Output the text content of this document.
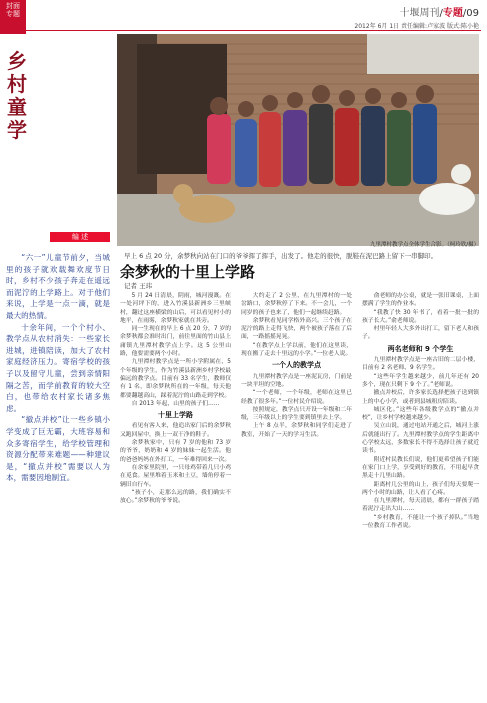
封面
专题	十堰周刊/专题/09
2012年 6月 1日 责任编辑:卢家波 版式:陈小艳
乡
村
童
学
编 述

“六一”儿童节前夕，当城里的孩子就欢载舞欢度节日时，乡村不少孩子奔走在遥远而泥泞的上学路上。对于他们来说，上学是一点一滴，就是最大的热情。

十余年间，一个个村小、教学点从农村消失：一些家长进城，进镇陪读，加大了农村家庭经济压力。寄宿学校的孩子以及留守儿童，尝到亲情阳隔之苦，而学前教育的较大空白，也带给农村家长诸多焦虑。

“撤点并校”让一些乡镇小学变成了巨无霸，大班容易和众多寄宿学生，给学校管理和资源分配带来难题——种建议是，“撤点并校”需要以人为本，需要因地制宜。

九里潭村教学点全体学生合影。（柯玲欣/摄）
早上 6 点 20 分，余梦秋向站在门口的爷爷挥了挥手，出发了。他走的很快，脱鞋在泥巴路上留下一串脚印。
余梦秋的十里上学路
记者 王玮

5 月 24 日清晨，阴雨，城河漫溉。在一处河坪下的，进入竹溪县新洲乡三里峡村，翻过这座横梁的山后，可以看见村小的地平，在雨雾，余梦秋家就在其旁。

同一生现在的早上 6 点 20 分，7 岁的余梦秋都会准时出门，前往里面的竹山县上庸镇九里潭村教学点上学。这 5 公里山路，他要需要两个小时。

九里潭村教学点是一所小学附属在，5 个年级的学生，作为竹溪县新洲乡村学校最偏远的教学点。目前有 33 名学生，教师仅有 1 名，即余梦秋所在的一年级，每天他都要翻越高山，踩着泥泞的山路走到学校。

自 2013 年起，山里的孩子们……

十里上学路

看见有客人来，他追出家门后的余梦秋又跑回屋中，换上一双干净的鞋子。

余梦秋家中，只有 7 岁的他和 73 岁的爷爷，奶奶和 4 岁的妹妹一起生活。他的爸爸妈妈在外打工，一年难得回来一次。

在余家里院里，一只母鸡带着几只小鸡在觅食。屋里堆着玉米和土豆，墙角停着一辆旧自行车。

“孩子小，走那么远的路，我们确实不放心。”余梦秋的爷爷说。

大约走了 2 公里，在九里潭村的一处岔路口，余梦秋停了下来。不一会儿，一个同岁的孩子也来了，他们一起继续赶路。

余梦秋看见同学格外高兴。三个孩子在泥泞的路上走得飞快，两个被孩子落在了后面，一路摇摇晃晃。

“在教学点上学以前，他们在这里读，现在搬了走去十里远的小学。”一位老人说。

一个人的教学点

九里潭村教学点是一座泥瓦房，门前是一块平坦的空地。

“一个老师，一个年级，老师在这里已经教了很多年。”一位村民介绍说。

按照规定，教学点只开设一年级和二年级，三年级以上的学生要到镇里去上学。

上午 8 点半，余梦秋和同学们走进了教室，开始了一天的学习生活。

俞老师的办公桌，就是一张旧课桌，上面摆满了学生的作业本。

“我教了快 30 年书了，看着一批一批的孩子长大。”俞老师说。

村里年轻人大多外出打工，留下老人和孩子。

两名老师和 9 个学生

九里潭村教学点是一座古旧的二层小楼，目前有 2 名老师、9 名学生。

“这些年学生越来越少，前几年还有 20 多个，现在只剩下 9 个了。”老师说。

撤点并校后，许多家长选择把孩子送到镇上的中心小学，或者到县城租房陪读。

城区化。”这些年各级教学点的“撤点并校”，让乡村学校越来越少。

吴立山说，通过电站开通之后，城河上涨后就能出行了。九里潭村教学点的学生距离中心学校太远，多数家长不得不选择让孩子就近读书。

附近村民教长们说，他们更希望孩子们能在家门口上学，享受到好的教育，不用起早贪黑走十几里山路。

距离村几公里的山上，孩子们每天要爬一两个小时的山路，让人看了心疼。

在九里潭村，每天清晨，都有一群孩子踏着泥泞走出大山……

“乡村教育，不能让一个孩子掉队。”当地一位教育工作者说。
